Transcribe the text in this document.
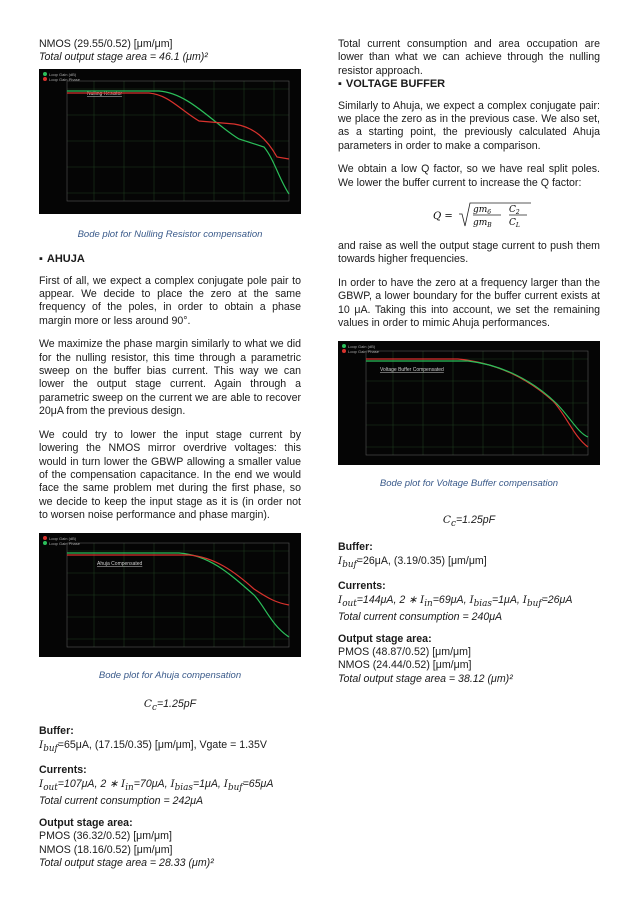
NMOS (29.55/0.52) [μm/μm]

Total output stage area = 46.1 (μm)²

Loop Gain (dB)
Loop Gain Phase
Nulling Resistor

Bode plot for Nulling Resistor compensation

▪ AHUJA

First of all, we expect a complex conjugate pole pair to appear. We decide to place the zero at the same frequency of the poles, in order to obtain a phase margin more or less around 90°.

We maximize the phase margin similarly to what we did for the nulling resistor, this time through a parametric sweep on the buffer bias current. This way we can lower the output stage current. Again through a parametric sweep on the current we are able to recover 20μA from the previous design.

We could try to lower the input stage current by lowering the NMOS mirror overdrive voltages: this would in turn lower the GBWP allowing a smaller value of the compensation capacitance. In the end we would face the same problem met during the first phase, so we decide to keep the input stage as it is (in order not to worsen noise performance and phase margin).

Loop Gain (dB)
Loop Gain Phase
Ahuja Compensated

Bode plot for Ahuja compensation

$C_c=1.25pF$

Buffer:

$I_{buf}=65\mu A$, (17.15/0.35) [μm/μm], Vgate = 1.35V

Currents:

$I_{out}=107\mu A$, 2 ∗ $I_{in}=70\mu A$, $I_{bias}=1\mu A$, $I_{buf}=65\mu A$

Total current consumption = 242μA

Output stage area:

PMOS (36.32/0.52) [μm/μm]

NMOS (18.16/0.52) [μm/μm]

Total output stage area = 28.33 (μm)²

Total current consumption and area occupation are lower than what we can achieve through the nulling resistor approach.

▪ VOLTAGE BUFFER

Similarly to Ahuja, we expect a complex conjugate pair: we place the zero as in the previous case. We also set, as a starting point, the previously calculated Ahuja parameters in order to make a comparison.

We obtain a low Q factor, so we have real split poles. We lower the buffer current to increase the Q factor:

Q =
$gm_6$
$gm_B$
$C_2$
$C_L$

and raise as well the output stage current to push them towards higher frequencies.

In order to have the zero at a frequency larger than the GBWP, a lower boundary for the buffer current exists at 10 μA. Taking this into account, we set the remaining values in order to mimic Ahuja performances.

Loop Gain (dB)
Loop Gain Phase
Voltage Buffer Compensated

Bode plot for Voltage Buffer compensation

$C_c=1.25pF$

Buffer:

$I_{buf}=26\mu A$, (3.19/0.35) [μm/μm]

Currents:

$I_{out}=144\mu A$, 2 ∗ $I_{in}=69\mu A$, $I_{bias}=1\mu A$, $I_{buf}=26\mu A$

Total current consumption = 240μA

Output stage area:

PMOS (48.87/0.52) [μm/μm]

NMOS (24.44/0.52) [μm/μm]

Total output stage area = 38.12 (μm)²
